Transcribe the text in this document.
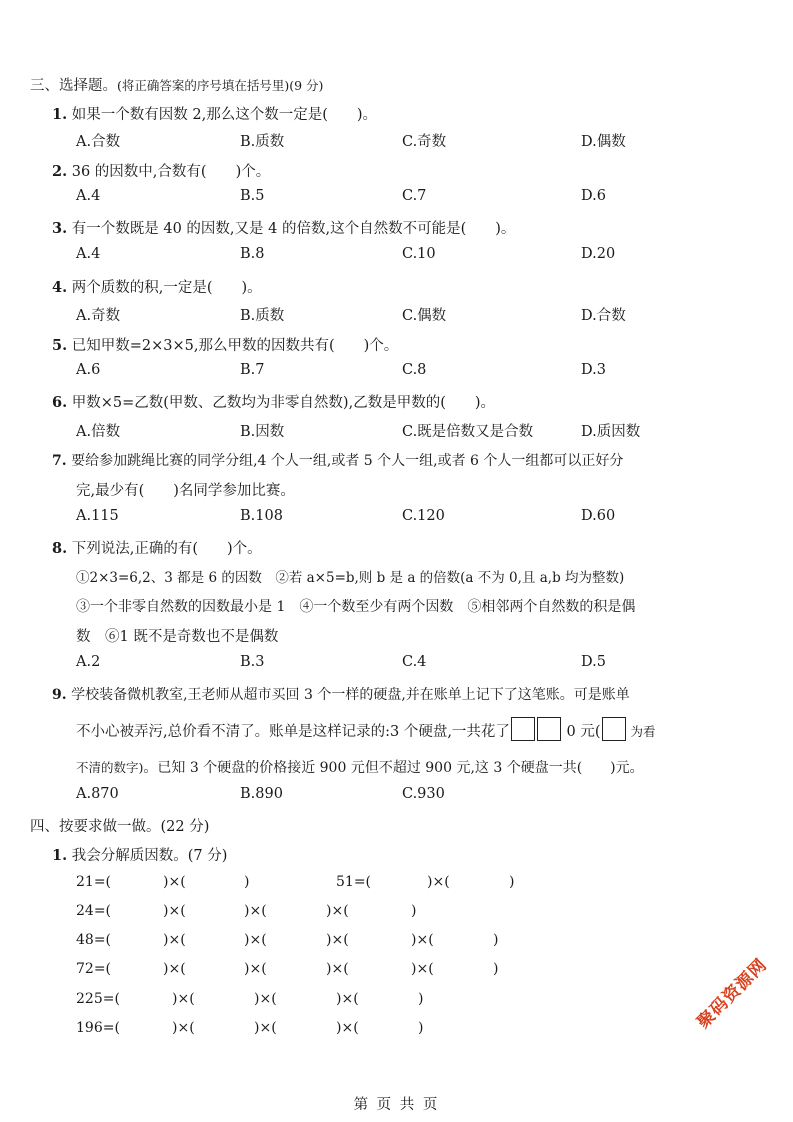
三、选择题。(将正确答案的序号填在括号里)(9 分)
1. 如果一个数有因数 2,那么这个数一定是(　　)。
A.合数	B.质数	C.奇数	D.偶数
2. 36 的因数中,合数有(　　)个。
A.4	B.5	C.7	D.6
3. 有一个数既是 40 的因数,又是 4 的倍数,这个自然数不可能是(　　)。
A.4	B.8	C.10	D.20
4. 两个质数的积,一定是(　　)。
A.奇数	B.质数	C.偶数	D.合数
5. 已知甲数=2×3×5,那么甲数的因数共有(　　)个。
A.6	B.7	C.8	D.3
6. 甲数×5=乙数(甲数、乙数均为非零自然数),乙数是甲数的(　　)。
A.倍数	B.因数	C.既是倍数又是合数	D.质因数
7. 要给参加跳绳比赛的同学分组,4 个人一组,或者 5 个人一组,或者 6 个人一组都可以正好分
完,最少有(　　)名同学参加比赛。
A.115	B.108	C.120	D.60
8. 下列说法,正确的有(　　)个。
①2×3=6,2、3 都是 6 的因数　②若 a×5=b,则 b 是 a 的倍数(a 不为 0,且 a,b 均为整数)
③一个非零自然数的因数最小是 1　④一个数至少有两个因数　⑤相邻两个自然数的积是偶
数　⑥1 既不是奇数也不是偶数
A.2	B.3	C.4	D.5
9. 学校装备微机教室,王老师从超市买回 3 个一样的硬盘,并在账单上记下了这笔账。可是账单
不小心被弄污,总价看不清了。账单是这样记录的:3 个硬盘,一共花了	0 元( 为看
不清的数字)。已知 3 个硬盘的价格接近 900 元但不超过 900 元,这 3 个硬盘一共(　　)元。
A.870	B.890	C.930
四、按要求做一做。(22 分)
1. 我会分解质因数。(7 分)
21=(	)×(	)	51=(	)×(	)
24=(	)×(	)×(	)×(	)
48=(	)×(	)×(	)×(	)×(	)
72=(	)×(	)×(	)×(	)×(	)
225=(	)×(	)×(	)×(	)
196=(	)×(	)×(	)×(	)	聚码资源网
第 页 共 页
